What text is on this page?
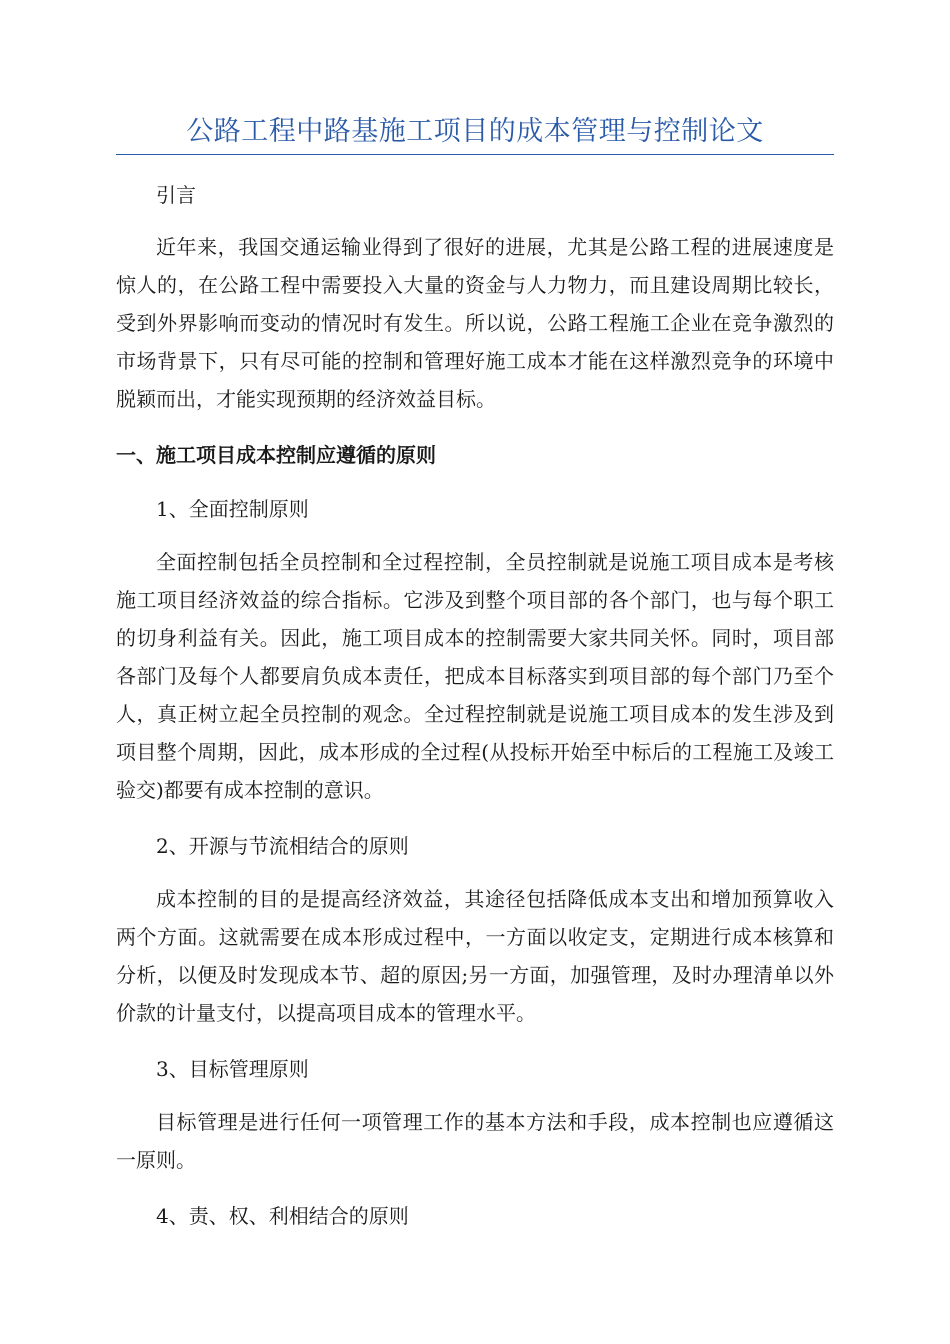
公路工程中路基施工项目的成本管理与控制论文

引言

近年来，我国交通运输业得到了很好的进展，尤其是公路工程的进展速度是惊人的，在公路工程中需要投入大量的资金与人力物力，而且建设周期比较长，受到外界影响而变动的情况时有发生。所以说，公路工程施工企业在竞争激烈的市场背景下，只有尽可能的控制和管理好施工成本才能在这样激烈竞争的环境中脱颖而出，才能实现预期的经济效益目标。

一、施工项目成本控制应遵循的原则

1、全面控制原则

全面控制包括全员控制和全过程控制，全员控制就是说施工项目成本是考核施工项目经济效益的综合指标。它涉及到整个项目部的各个部门，也与每个职工的切身利益有关。因此，施工项目成本的控制需要大家共同关怀。同时，项目部各部门及每个人都要肩负成本责任，把成本目标落实到项目部的每个部门乃至个人，真正树立起全员控制的观念。全过程控制就是说施工项目成本的发生涉及到项目整个周期，因此，成本形成的全过程(从投标开始至中标后的工程施工及竣工验交)都要有成本控制的意识。

2、开源与节流相结合的原则

成本控制的目的是提高经济效益，其途径包括降低成本支出和增加预算收入两个方面。这就需要在成本形成过程中，一方面以收定支，定期进行成本核算和分析，以便及时发现成本节、超的原因;另一方面，加强管理，及时办理清单以外价款的计量支付，以提高项目成本的管理水平。

3、目标管理原则

目标管理是进行任何一项管理工作的基本方法和手段，成本控制也应遵循这一原则。

4、责、权、利相结合的原则
